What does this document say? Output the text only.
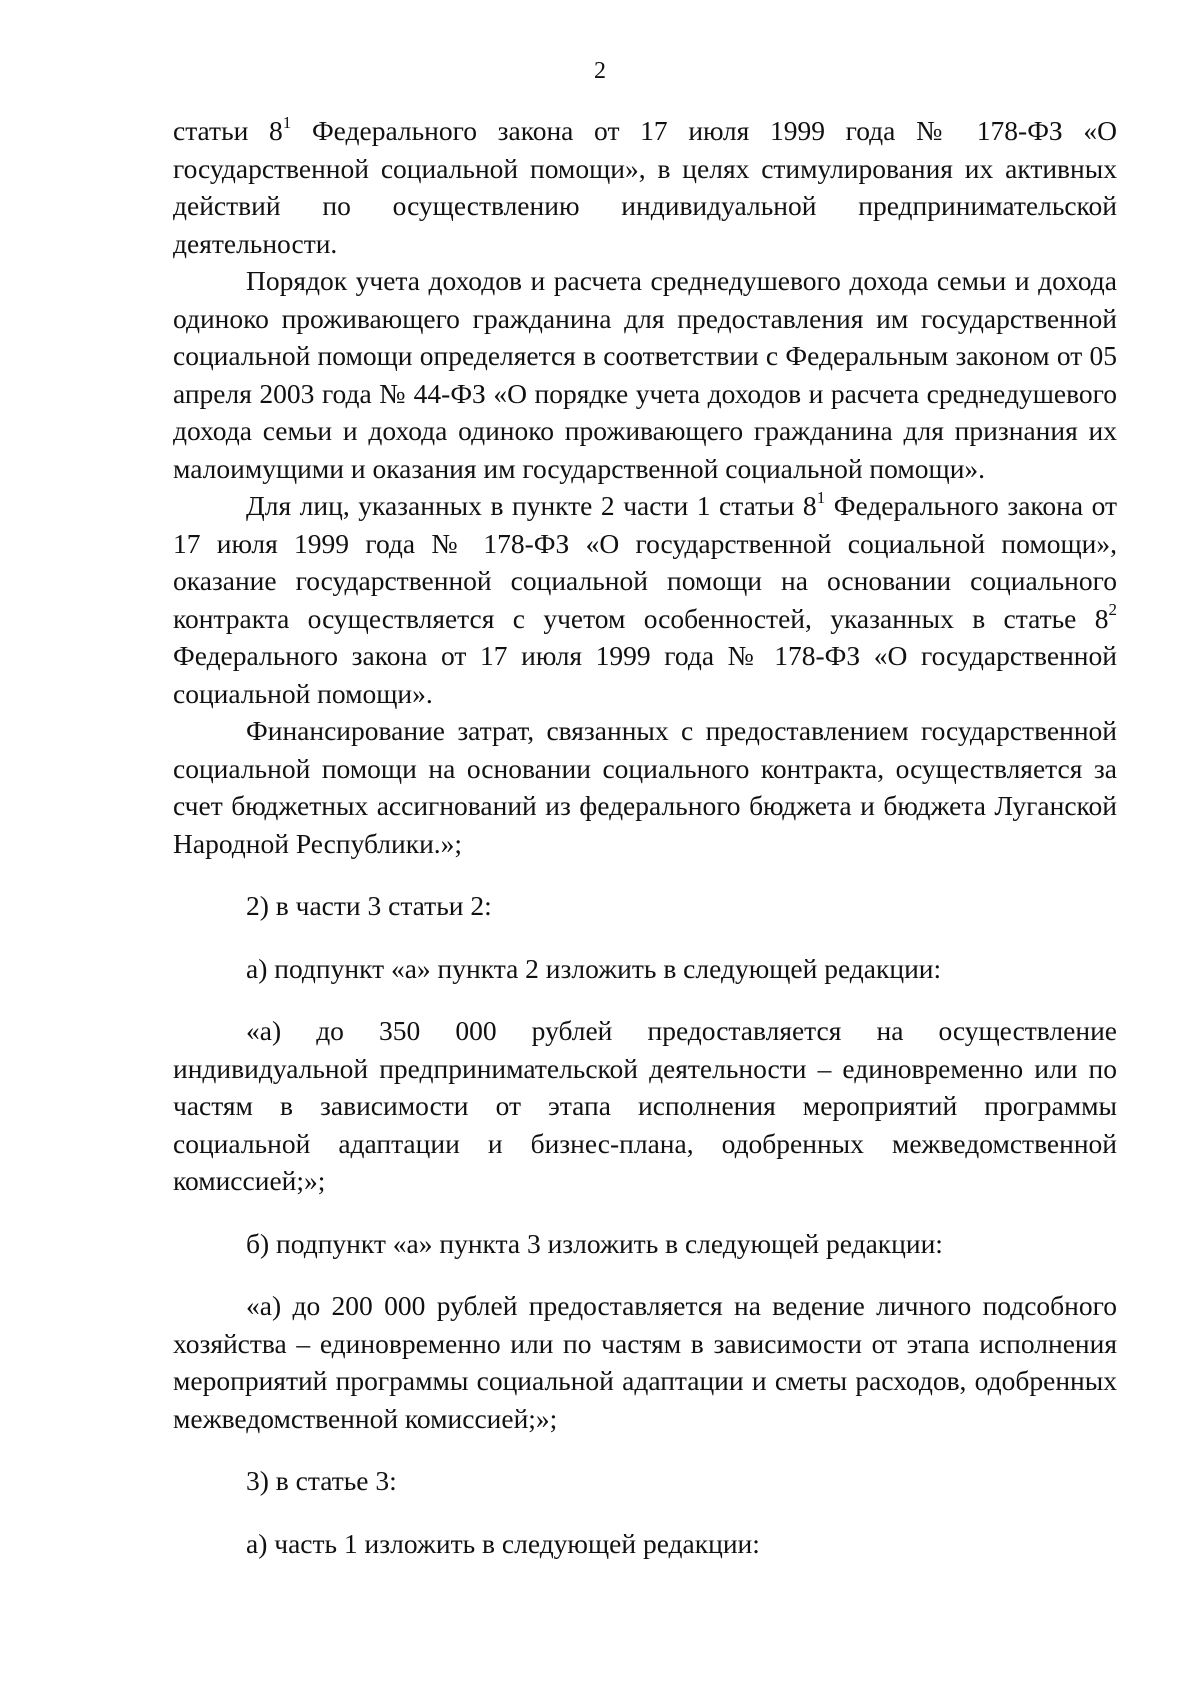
2

статьи $8^1$ Федерального закона от 17 июля 1999 года № 178-ФЗ «О государственной социальной помощи», в целях стимулирования их активных действий по осуществлению индивидуальной предпринимательской деятельности.

Порядок учета доходов и расчета среднедушевого дохода семьи и дохода одиноко проживающего гражданина для предоставления им государственной социальной помощи определяется в соответствии с Федеральным законом от 05 апреля 2003 года № 44-ФЗ «О порядке учета доходов и расчета среднедушевого дохода семьи и дохода одиноко проживающего гражданина для признания их малоимущими и оказания им государственной социальной помощи».

Для лиц, указанных в пункте 2 части 1 статьи $8^1$ Федерального закона от 17 июля 1999 года № 178-ФЗ «О государственной социальной помощи», оказание государственной социальной помощи на основании социального контракта осуществляется с учетом особенностей, указанных в статье $8^2$ Федерального закона от 17 июля 1999 года № 178-ФЗ «О государственной социальной помощи».

Финансирование затрат, связанных с предоставлением государственной социальной помощи на основании социального контракта, осуществляется за счет бюджетных ассигнований из федерального бюджета и бюджета Луганской Народной Республики.»;

2) в части 3 статьи 2:

а) подпункт «а» пункта 2 изложить в следующей редакции:

«а) до 350 000 рублей предоставляется на осуществление индивидуальной предпринимательской деятельности – единовременно или по частям в зависимости от этапа исполнения мероприятий программы социальной адаптации и бизнес-плана, одобренных межведомственной комиссией;»;

б) подпункт «а» пункта 3 изложить в следующей редакции:

«а) до 200 000 рублей предоставляется на ведение личного подсобного хозяйства – единовременно или по частям в зависимости от этапа исполнения мероприятий программы социальной адаптации и сметы расходов, одобренных межведомственной комиссией;»;

3) в статье 3:

а) часть 1 изложить в следующей редакции:
